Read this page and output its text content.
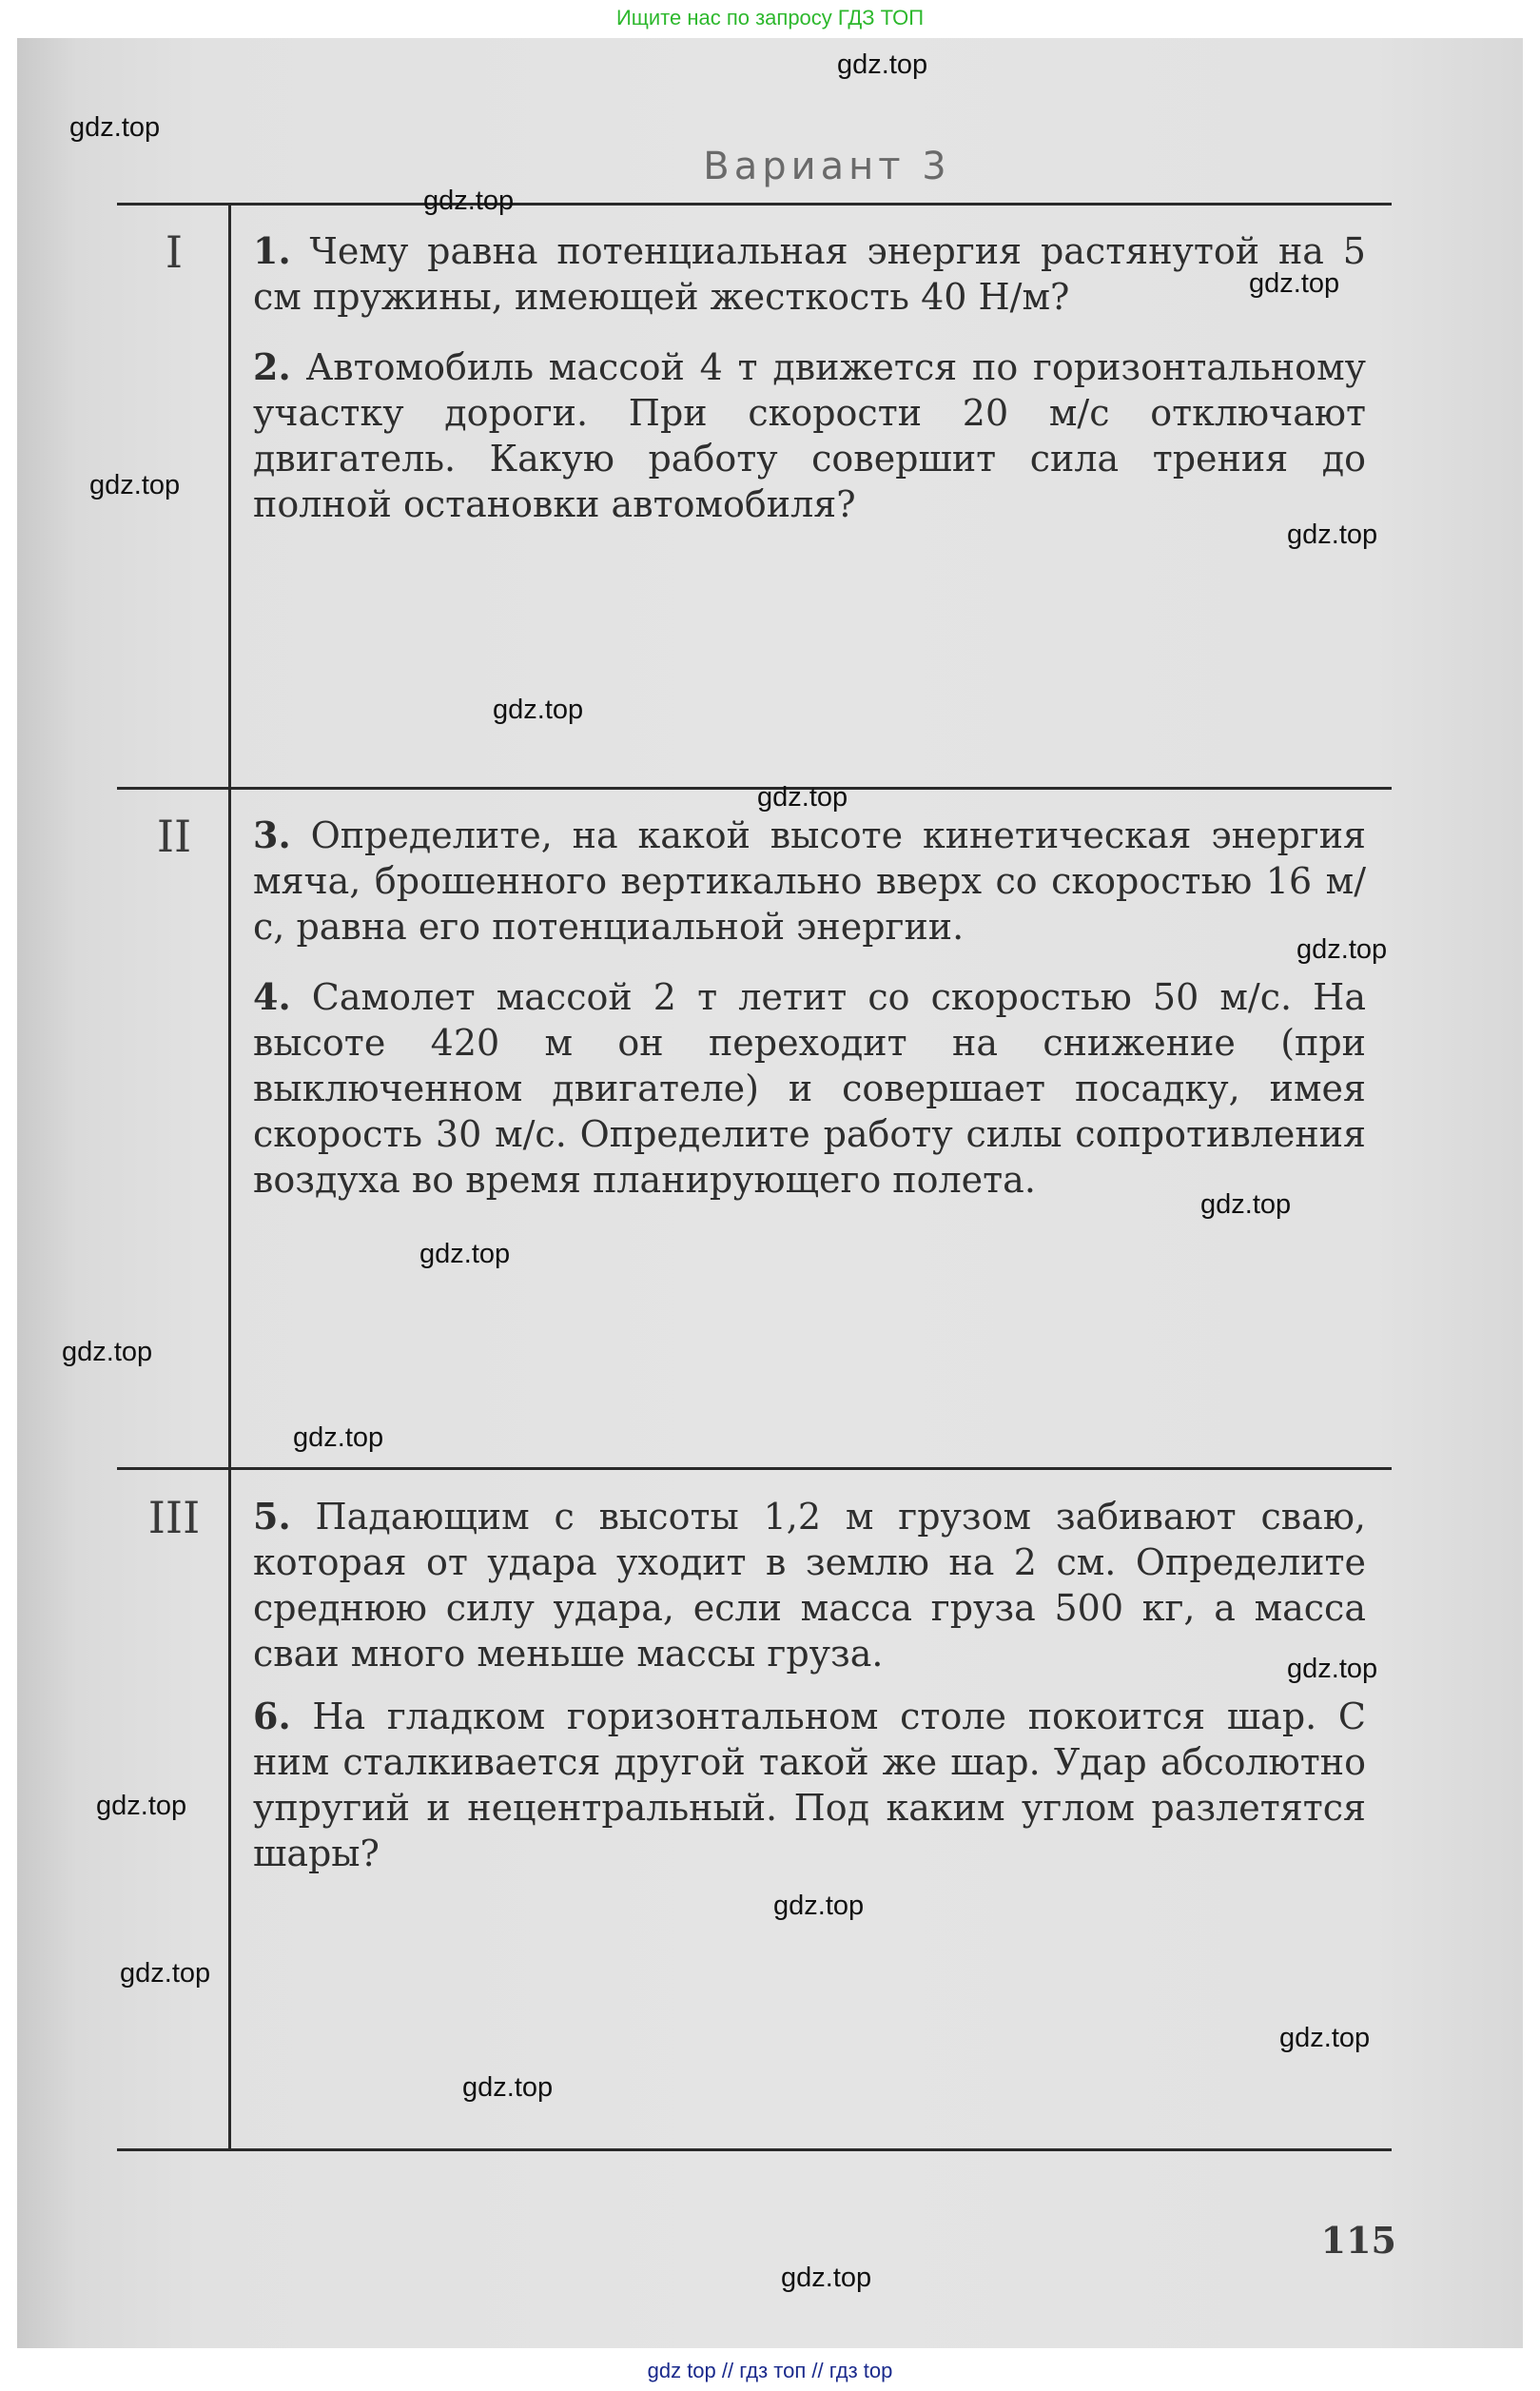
Ищите нас по запросу ГДЗ ТОП
Вариант 3
I	1. Чему равна потенциальная энергия растянутой на 5 см пружины, имеющей жесткость 40 Н/м?
2. Автомобиль массой 4 т движется по горизонтальному участку дороги. При скорости 20 м/с отключают двигатель. Какую работу совершит сила трения до полной остановки автомобиля?
II	3. Определите, на какой высоте кинетическая энергия мяча, брошенного вертикально вверх со скоростью 16 м/с, равна его потенциальной энергии.
4. Самолет массой 2 т летит со скоростью 50 м/с. На высоте 420 м он переходит на снижение (при выключенном двигателе) и совершает посадку, имея скорость 30 м/с. Определите работу силы сопротивления воздуха во время планирующего полета.
III	5. Падающим с высоты 1,2 м грузом забивают сваю, которая от удара уходит в землю на 2 см. Определите среднюю силу удара, если масса груза 500 кг, а масса сваи много меньше массы груза.
6. На гладком горизонтальном столе покоится шар. С ним сталкивается другой такой же шар. Удар абсолютно упругий и нецентральный. Под каким углом разлетятся шары?
115
gdz.top
gdz.top
gdz.top
gdz.top
gdz.top
gdz.top
gdz.top
gdz.top
gdz.top
gdz.top
gdz.top
gdz.top
gdz.top
gdz.top
gdz.top
gdz.top
gdz.top
gdz.top
gdz.top
gdz.top
gdz top // гдз топ // гдз top
